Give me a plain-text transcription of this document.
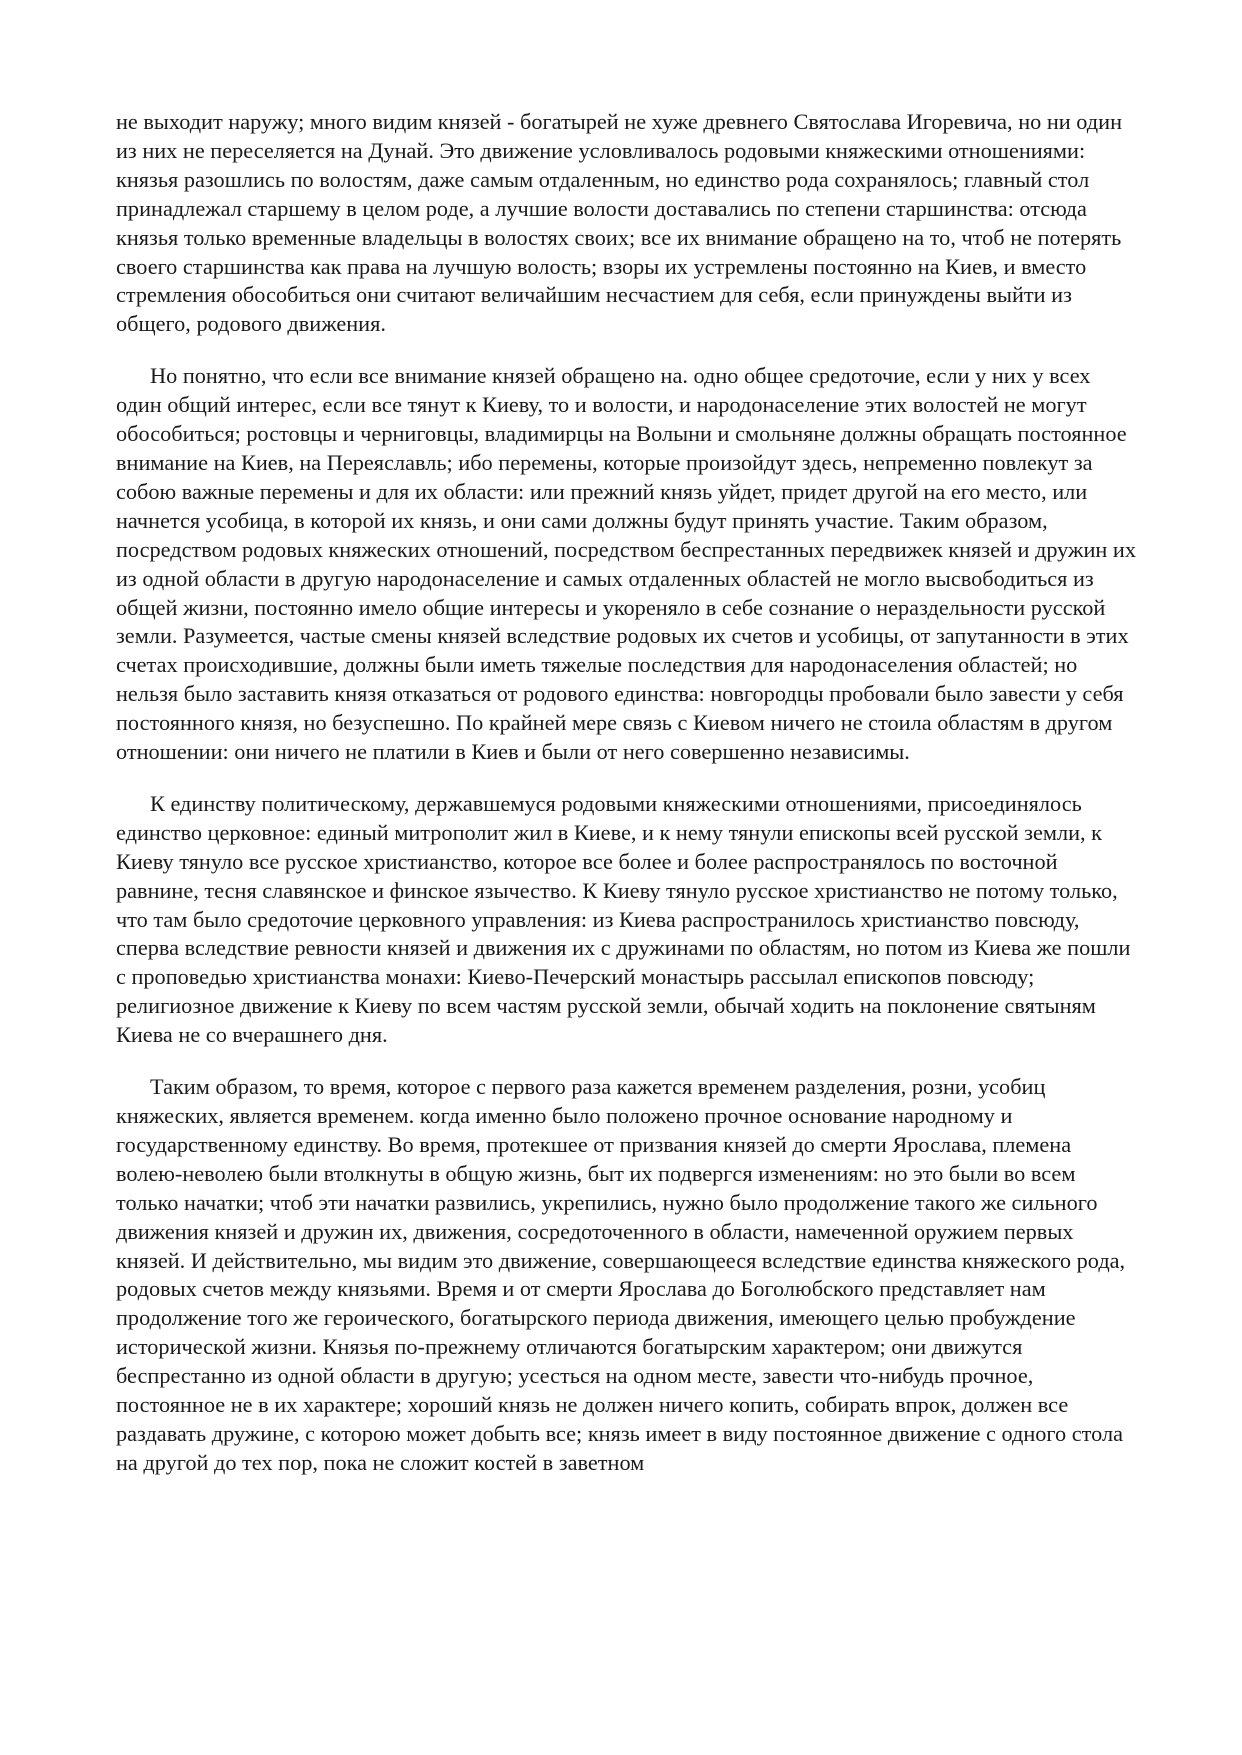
не выходит наружу; много видим князей - богатырей не хуже древнего Святослава Игоревича, но ни один из них не переселяется на Дунай. Это движение условливалось родовыми княжескими отношениями: князья разошлись по волостям, даже самым отдаленным, но единство рода сохранялось; главный стол принадлежал старшему в целом роде, а лучшие волости доставались по степени старшинства: отсюда князья только временные владельцы в волостях своих; все их внимание обращено на то, чтоб не потерять своего старшинства как права на лучшую волость; взоры их устремлены постоянно на Киев, и вместо стремления обособиться они считают величайшим несчастием для себя, если принуждены выйти из общего, родового движения.

Но понятно, что если все внимание князей обращено на. одно общее средоточие, если у них у всех один общий интерес, если все тянут к Киеву, то и волости, и народонаселение этих волостей не могут обособиться; ростовцы и черниговцы, владимирцы на Волыни и смольняне должны обращать постоянное внимание на Киев, на Переяславль; ибо перемены, которые произойдут здесь, непременно повлекут за собою важные перемены и для их области: или прежний князь уйдет, придет другой на его место, или начнется усобица, в которой их князь, и они сами должны будут принять участие. Таким образом, посредством родовых княжеских отношений, посредством беспрестанных передвижек князей и дружин их из одной области в другую народонаселение и самых отдаленных областей не могло высвободиться из общей жизни, постоянно имело общие интересы и укореняло в себе сознание о нераздельности русской земли. Разумеется, частые смены князей вследствие родовых их счетов и усобицы, от запутанности в этих счетах происходившие, должны были иметь тяжелые последствия для народонаселения областей; но нельзя было заставить князя отказаться от родового единства: новгородцы пробовали было завести у себя постоянного князя, но безуспешно. По крайней мере связь с Киевом ничего не стоила областям в другом отношении: они ничего не платили в Киев и были от него совершенно независимы.

К единству политическому, державшемуся родовыми княжескими отношениями, присоединялось единство церковное: единый митрополит жил в Киеве, и к нему тянули епископы всей русской земли, к Киеву тянуло все русское христианство, которое все более и более распространялось по восточной равнине, тесня славянское и финское язычество. К Киеву тянуло русское христианство не потому только, что там было средоточие церковного управления: из Киева распространилось христианство повсюду, сперва вследствие ревности князей и движения их с дружинами по областям, но потом из Киева же пошли с проповедью христианства монахи: Киево-Печерский монастырь рассылал епископов повсюду; религиозное движение к Киеву по всем частям русской земли, обычай ходить на поклонение святыням Киева не со вчерашнего дня.

Таким образом, то время, которое с первого раза кажется временем разделения, розни, усобиц княжеских, является временем. когда именно было положено прочное основание народному и государственному единству. Во время, протекшее от призвания князей до смерти Ярослава, племена волею-неволею были втолкнуты в общую жизнь, быт их подвергся изменениям: но это были во всем только начатки; чтоб эти начатки развились, укрепились, нужно было продолжение такого же сильного движения князей и дружин их, движения, сосредоточенного в области, намеченной оружием первых князей. И действительно, мы видим это движение, совершающееся вследствие единства княжеского рода, родовых счетов между князьями. Время и от смерти Ярослава до Боголюбского представляет нам продолжение того же героического, богатырского периода движения, имеющего целью пробуждение исторической жизни. Князья по-прежнему отличаются богатырским характером; они движутся беспрестанно из одной области в другую; усесться на одном месте, завести что-нибудь прочное, постоянное не в их характере; хороший князь не должен ничего копить, собирать впрок, должен все раздавать дружине, с которою может добыть все; князь имеет в виду постоянное движение с одного стола на другой до тех пор, пока не сложит костей в заветном
